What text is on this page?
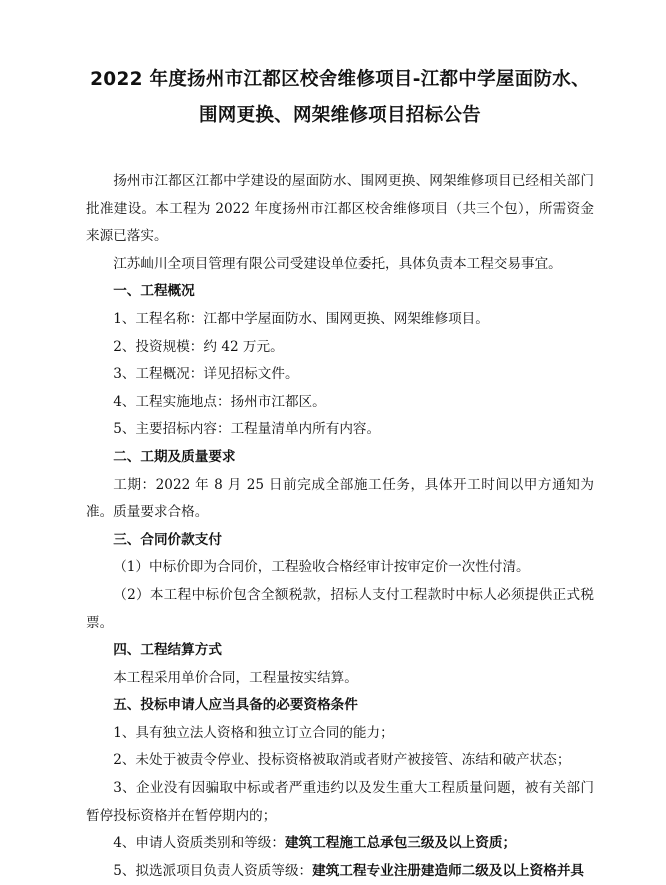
2022 年度扬州市江都区校舍维修项目-江都中学屋面防水、
围网更换、网架维修项目招标公告

扬州市江都区江都中学建设的屋面防水、围网更换、网架维修项目已经相关部门批准建设。本工程为 2022 年度扬州市江都区校舍维修项目（共三个包），所需资金来源已落实。

江苏屾川全项目管理有限公司受建设单位委托，具体负责本工程交易事宜。

一、工程概况

1、工程名称：江都中学屋面防水、围网更换、网架维修项目。

2、投资规模：约 42 万元。

3、工程概况：详见招标文件。

4、工程实施地点：扬州市江都区。

5、主要招标内容：工程量清单内所有内容。

二、工期及质量要求

工期：2022 年 8 月 25 日前完成全部施工任务，具体开工时间以甲方通知为准。质量要求合格。

三、合同价款支付

（1）中标价即为合同价，工程验收合格经审计按审定价一次性付清。

（2）本工程中标价包含全额税款，招标人支付工程款时中标人必须提供正式税票。

四、工程结算方式

本工程采用单价合同，工程量按实结算。

五、投标申请人应当具备的必要资格条件

1、具有独立法人资格和独立订立合同的能力；

2、未处于被责令停业、投标资格被取消或者财产被接管、冻结和破产状态；

3、企业没有因骗取中标或者严重违约以及发生重大工程质量问题，被有关部门暂停投标资格并在暂停期内的；

4、申请人资质类别和等级：建筑工程施工总承包三级及以上资质；

5、拟选派项目负责人资质等级：建筑工程专业注册建造师二级及以上资格并具
